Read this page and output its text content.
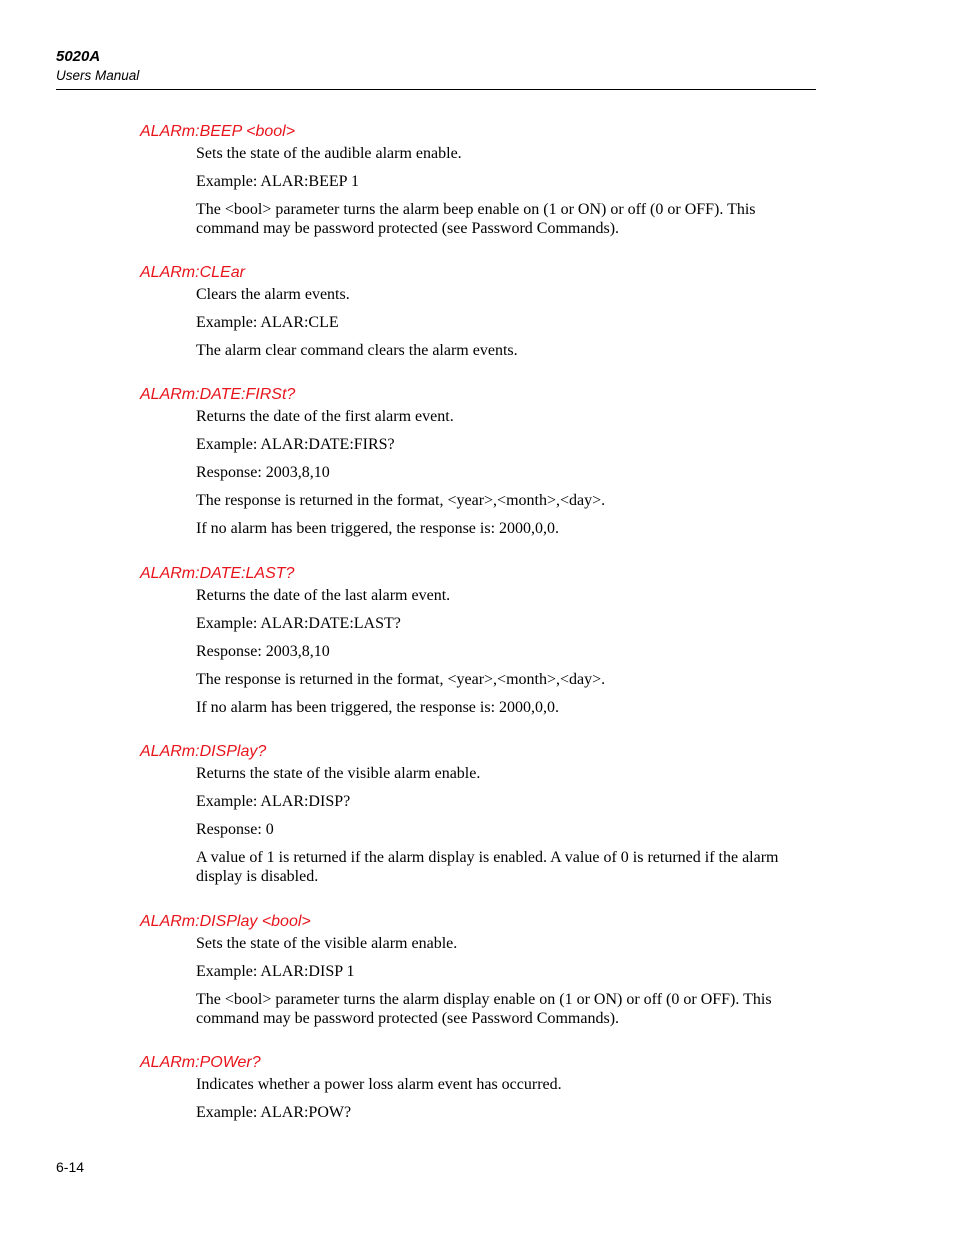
5020A
Users Manual
ALARm:BEEP <bool>

Sets the state of the audible alarm enable.

Example: ALAR:BEEP 1

The <bool> parameter turns the alarm beep enable on (1 or ON) or off (0 or OFF). This command may be password protected (see Password Commands).

ALARm:CLEar

Clears the alarm events.

Example: ALAR:CLE

The alarm clear command clears the alarm events.

ALARm:DATE:FIRSt?

Returns the date of the first alarm event.

Example: ALAR:DATE:FIRS?

Response: 2003,8,10

The response is returned in the format, <year>,<month>,<day>.

If no alarm has been triggered, the response is: 2000,0,0.

ALARm:DATE:LAST?

Returns the date of the last alarm event.

Example: ALAR:DATE:LAST?

Response: 2003,8,10

The response is returned in the format, <year>,<month>,<day>.

If no alarm has been triggered, the response is: 2000,0,0.

ALARm:DISPlay?

Returns the state of the visible alarm enable.

Example: ALAR:DISP?

Response: 0

A value of 1 is returned if the alarm display is enabled. A value of 0 is returned if the alarm display is disabled.

ALARm:DISPlay <bool>

Sets the state of the visible alarm enable.

Example: ALAR:DISP 1

The <bool> parameter turns the alarm display enable on (1 or ON) or off (0 or OFF). This command may be password protected (see Password Commands).

ALARm:POWer?

Indicates whether a power loss alarm event has occurred.

Example: ALAR:POW?

6-14
